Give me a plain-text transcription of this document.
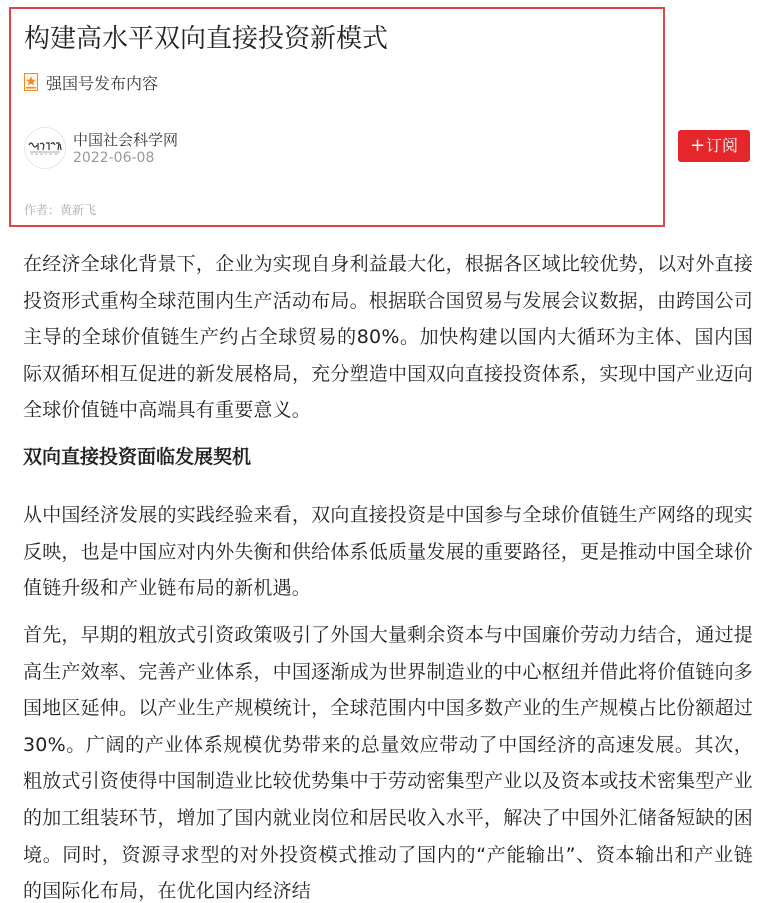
构建高水平双向直接投资新模式
强国号发布内容
中国社会科学网
2022-06-08
作者：黄新飞
+订阅

在经济全球化背景下，企业为实现自身利益最大化，根据各区域比较优势，以对外直接投资形式重构全球范围内生产活动布局。根据联合国贸易与发展会议数据，由跨国公司主导的全球价值链生产约占全球贸易的80%。加快构建以国内大循环为主体、国内国际双循环相互促进的新发展格局，充分塑造中国双向直接投资体系，实现中国产业迈向全球价值链中高端具有重要意义。

双向直接投资面临发展契机

从中国经济发展的实践经验来看，双向直接投资是中国参与全球价值链生产网络的现实反映，也是中国应对内外失衡和供给体系低质量发展的重要路径，更是推动中国全球价值链升级和产业链布局的新机遇。

首先，早期的粗放式引资政策吸引了外国大量剩余资本与中国廉价劳动力结合，通过提高生产效率、完善产业体系，中国逐渐成为世界制造业的中心枢纽并借此将价值链向多国地区延伸。以产业生产规模统计，全球范围内中国多数产业的生产规模占比份额超过30%。广阔的产业体系规模优势带来的总量效应带动了中国经济的高速发展。其次，粗放式引资使得中国制造业比较优势集中于劳动密集型产业以及资本或技术密集型产业的加工组装环节，增加了国内就业岗位和居民收入水平，解决了中国外汇储备短缺的困境。同时，资源寻求型的对外投资模式推动了国内的“产能输出”、资本输出和产业链的国际化布局，在优化国内经济结
